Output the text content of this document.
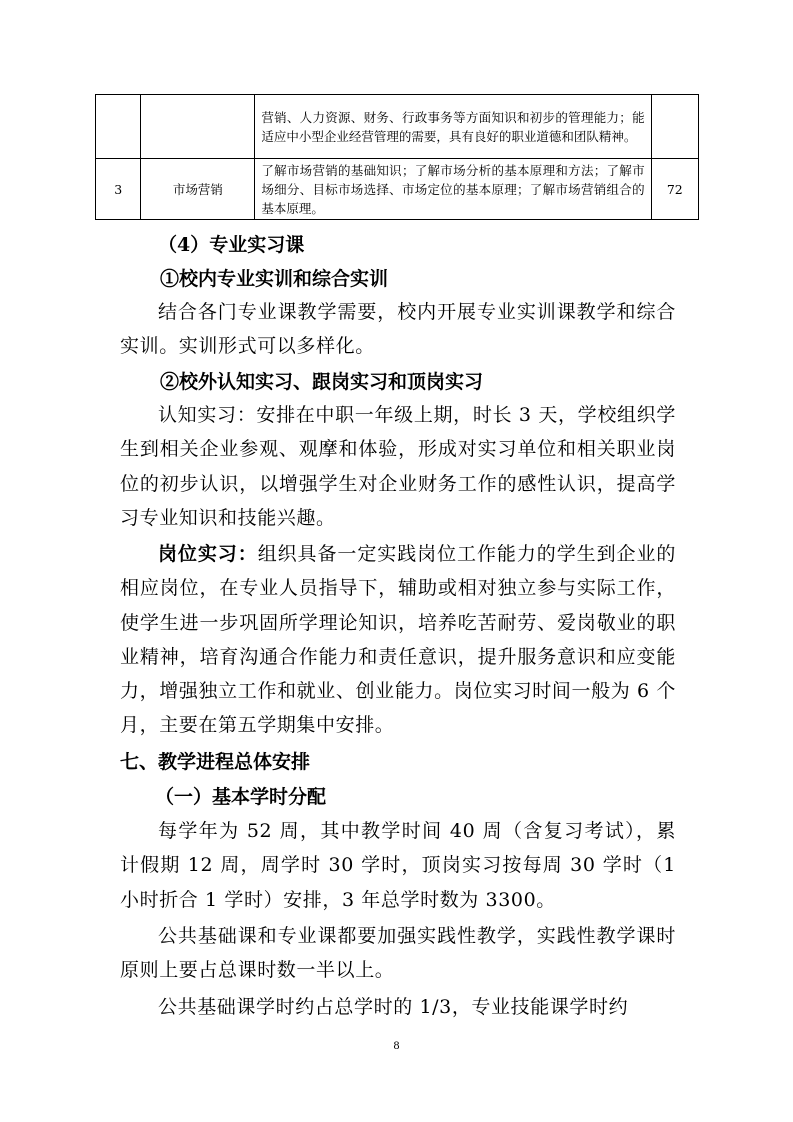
		营销、人力资源、财务、行政事务等方面知识和初步的管理能力；能适应中小型企业经营管理的需要，具有良好的职业道德和团队精神。	
3	市场营销	了解市场营销的基础知识；了解市场分析的基本原理和方法；了解市场细分、目标市场选择、市场定位的基本原理；了解市场营销组合的基本原理。	72
（4）专业实习课
①校内专业实训和综合实训
结合各门专业课教学需要，校内开展专业实训课教学和综合实训。实训形式可以多样化。
②校外认知实习、跟岗实习和顶岗实习
认知实习：安排在中职一年级上期，时长 3 天，学校组织学生到相关企业参观、观摩和体验，形成对实习单位和相关职业岗位的初步认识，以增强学生对企业财务工作的感性认识，提高学习专业知识和技能兴趣。
岗位实习：组织具备一定实践岗位工作能力的学生到企业的相应岗位，在专业人员指导下，辅助或相对独立参与实际工作，使学生进一步巩固所学理论知识，培养吃苦耐劳、爱岗敬业的职业精神，培育沟通合作能力和责任意识，提升服务意识和应变能力，增强独立工作和就业、创业能力。岗位实习时间一般为 6 个月，主要在第五学期集中安排。
七、教学进程总体安排
（一）基本学时分配
每学年为 52 周，其中教学时间 40 周（含复习考试），累计假期 12 周，周学时 30 学时，顶岗实习按每周 30 学时（1 小时折合 1 学时）安排，3 年总学时数为 3300。
公共基础课和专业课都要加强实践性教学，实践性教学课时原则上要占总课时数一半以上。
公共基础课学时约占总学时的 1/3，专业技能课学时约
8
